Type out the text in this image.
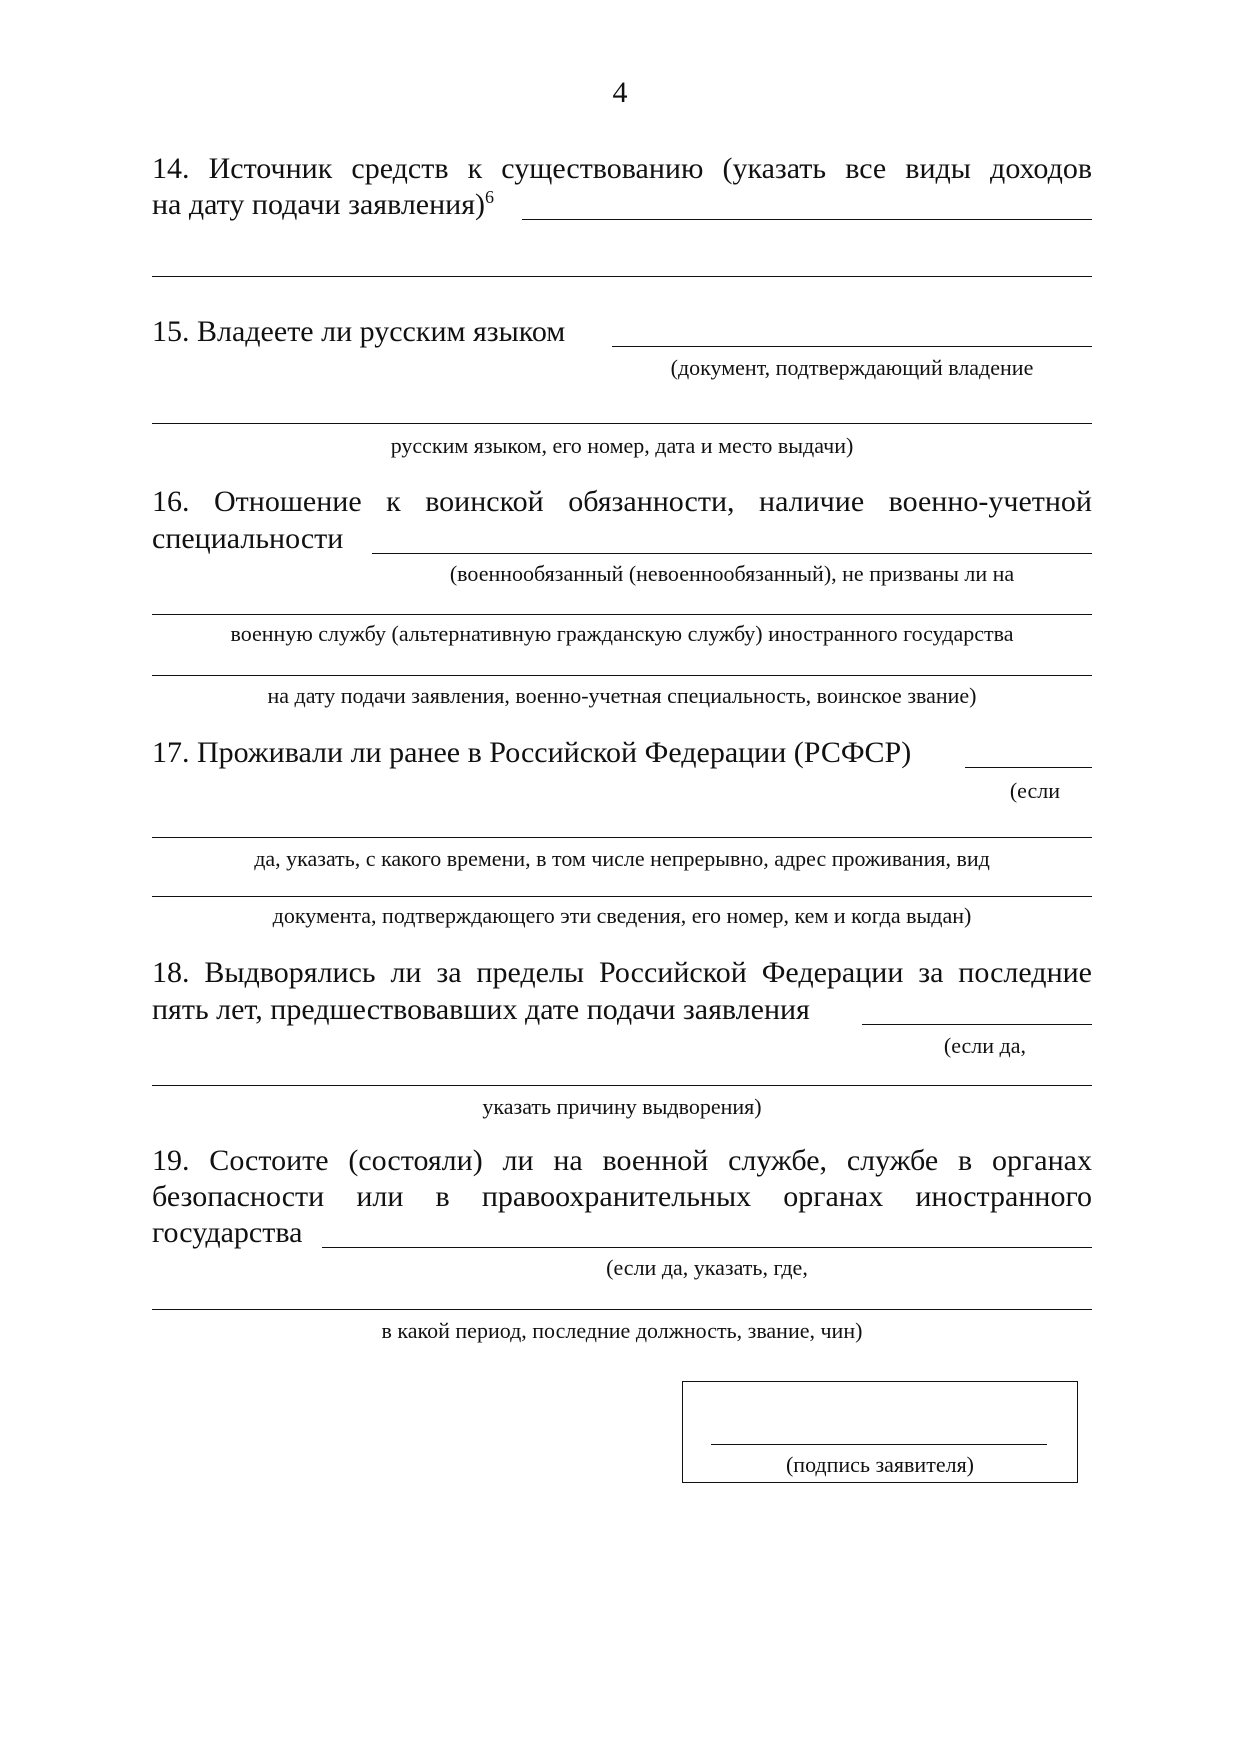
4
14. Источник средств к существованию (указать все виды доходов
на дату подачи заявления)$^6$
15. Владеете ли русским языком
(документ, подтверждающий владение
русским языком, его номер, дата и место выдачи)
16. Отношение к воинской обязанности, наличие военно-учетной
специальности
(военнообязанный (невоеннообязанный), не призваны ли на
военную службу (альтернативную гражданскую службу) иностранного государства
на дату подачи заявления, военно-учетная специальность, воинское звание)
17. Проживали ли ранее в Российской Федерации (РСФСР)
(если
да, указать, с какого времени, в том числе непрерывно, адрес проживания, вид
документа, подтверждающего эти сведения, его номер, кем и когда выдан)
18. Выдворялись ли за пределы Российской Федерации за последние
пять лет, предшествовавших дате подачи заявления
(если да,
указать причину выдворения)
19. Состоите (состояли) ли на военной службе, службе в органах
безопасности или в правоохранительных органах иностранного
государства
(если да, указать, где,
в какой период, последние должность, звание, чин)
(подпись заявителя)
